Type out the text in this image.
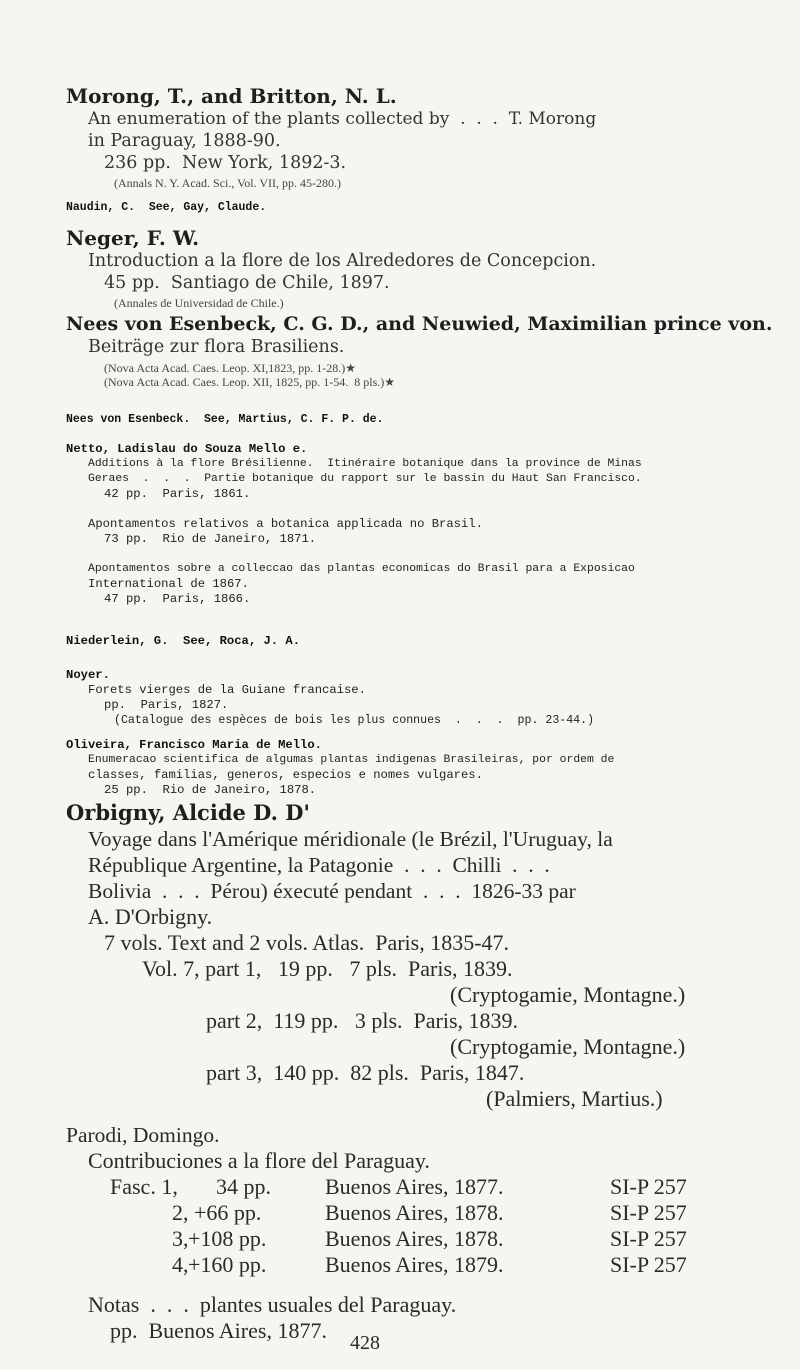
Morong, T., and Britton, N. L.
An enumeration of the plants collected by  .  .  .  T. Morong
in Paraguay, 1888-90.
236 pp.  New York, 1892-3.
(Annals N. Y. Acad. Sci., Vol. VII, pp. 45-280.)
Naudin, C.  See, Gay, Claude.
Neger, F. W.
Introduction a la flore de los Alrededores de Concepcion.
45 pp.  Santiago de Chile, 1897.
(Annales de Universidad de Chile.)
Nees von Esenbeck, C. G. D., and Neuwied, Maximilian prince von.
Beiträge zur flora Brasiliens.
(Nova Acta Acad. Caes. Leop. XI,1823, pp. 1-28.)★
(Nova Acta Acad. Caes. Leop. XII, 1825, pp. 1-54.  8 pls.)★
Nees von Esenbeck.  See, Martius, C. F. P. de.
Netto, Ladislau do Souza Mello e.
Additions à la flore Brésilienne.  Itinéraire botanique dans la province de Minas
Geraes  .  .  .  Partie botanique du rapport sur le bassin du Haut San Francisco.
42 pp.  Paris, 1861.
Apontamentos relativos a botanica applicada no Brasil.
73 pp.  Rio de Janeiro, 1871.
Apontamentos sobre a colleccao das plantas economicas do Brasil para a Exposicao
International de 1867.
47 pp.  Paris, 1866.
Niederlein, G.  See, Roca, J. A.
Noyer.
Forets vierges de la Guiane francaise.
pp.  Paris, 1827.
(Catalogue des espèces de bois les plus connues  .  .  .  pp. 23-44.)
Oliveira, Francisco Maria de Mello.
Enumeracao scientifica de algumas plantas indigenas Brasileiras, por ordem de
classes, familias, generos, especios e nomes vulgares.
25 pp.  Rio de Janeiro, 1878.
Orbigny, Alcide D. D'
Voyage dans l'Amérique méridionale (le Brézil, l'Uruguay, la
République Argentine, la Patagonie  .  .  .  Chilli  .  .  .
Bolivia  .  .  .  Pérou) éxecuté pendant  .  .  .  1826-33 par
A. D'Orbigny.
7 vols. Text and 2 vols. Atlas.  Paris, 1835-47.
Vol. 7, part 1,   19 pp.   7 pls.  Paris, 1839.
(Cryptogamie, Montagne.)
part 2,  119 pp.   3 pls.  Paris, 1839.
(Cryptogamie, Montagne.)
part 3,  140 pp.  82 pls.  Paris, 1847.
(Palmiers, Martius.)
Parodi, Domingo.
Contribuciones a la flore del Paraguay.
Fasc. 1, 34 pp. Buenos Aires, 1877.	SI-P 257
2, +66 pp.	Buenos Aires, 1878.	SI-P 257
3, +108 pp.	Buenos Aires, 1878.	SI-P 257
4, +160 pp.	Buenos Aires, 1879.	SI-P 257
Notas  .  .  .  plantes usuales del Paraguay.
pp.  Buenos Aires, 1877.	428
